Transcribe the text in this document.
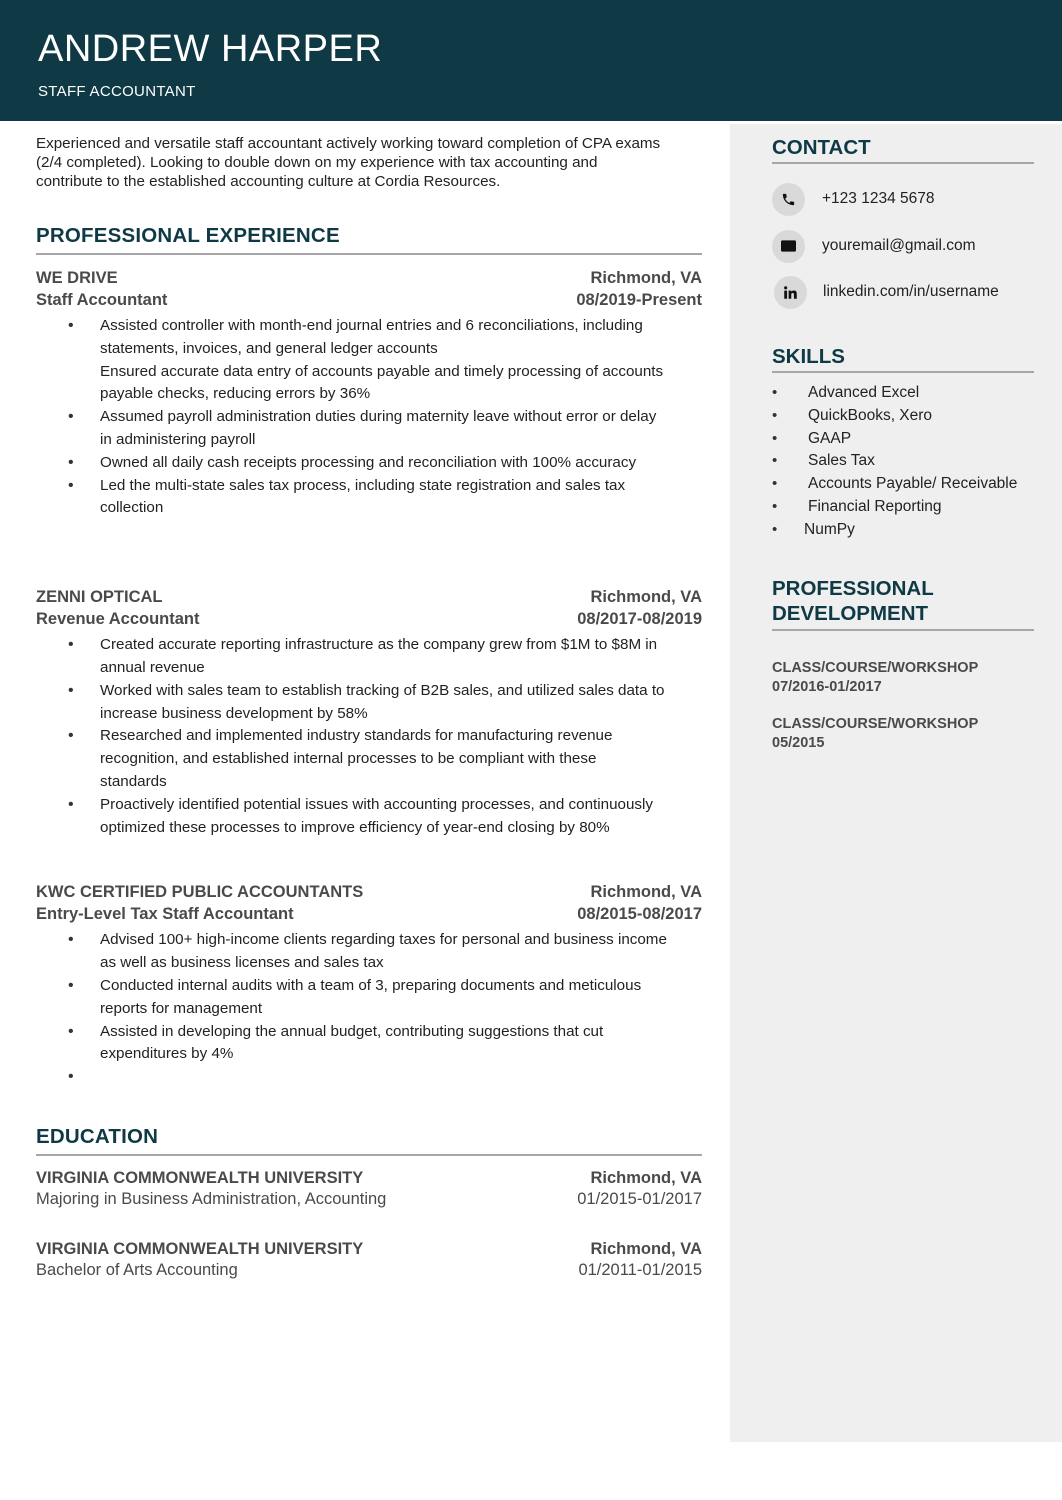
ANDREW HARPER
STAFF ACCOUNTANT
Experienced and versatile staff accountant actively working toward completion of CPA exams
(2/4 completed). Looking to double down on my experience with tax accounting and
contribute to the established accounting culture at Cordia Resources.
PROFESSIONAL EXPERIENCE
WE DRIVE	Richmond, VA
Staff Accountant	08/2019-Present
• Assisted controller with month-end journal entries and 6 reconciliations, including
statements, invoices, and general ledger accounts
Ensured accurate data entry of accounts payable and timely processing of accounts
payable checks, reducing errors by 36%
• Assumed payroll administration duties during maternity leave without error or delay
in administering payroll
• Owned all daily cash receipts processing and reconciliation with 100% accuracy
• Led the multi-state sales tax process, including state registration and sales tax
collection
ZENNI OPTICAL	Richmond, VA
Revenue Accountant	08/2017-08/2019
• Created accurate reporting infrastructure as the company grew from $1M to $8M in
annual revenue
• Worked with sales team to establish tracking of B2B sales, and utilized sales data to
increase business development by 58%
• Researched and implemented industry standards for manufacturing revenue
recognition, and established internal processes to be compliant with these
standards
• Proactively identified potential issues with accounting processes, and continuously
optimized these processes to improve efficiency of year-end closing by 80%
KWC CERTIFIED PUBLIC ACCOUNTANTS	Richmond, VA
Entry-Level Tax Staff Accountant	08/2015-08/2017
• Advised 100+ high-income clients regarding taxes for personal and business income
as well as business licenses and sales tax
• Conducted internal audits with a team of 3, preparing documents and meticulous
reports for management
• Assisted in developing the annual budget, contributing suggestions that cut
expenditures by 4%
•
EDUCATION
VIRGINIA COMMONWEALTH UNIVERSITY	Richmond, VA
Majoring in Business Administration, Accounting	01/2015-01/2017
VIRGINIA COMMONWEALTH UNIVERSITY	Richmond, VA
Bachelor of Arts Accounting	01/2011-01/2015
CONTACT
+123 1234 5678
youremail@gmail.com
linkedin.com/in/username
SKILLS
• Advanced Excel
• QuickBooks, Xero
• GAAP
• Sales Tax
• Accounts Payable/ Receivable
• Financial Reporting
• NumPy
PROFESSIONAL
DEVELOPMENT
CLASS/COURSE/WORKSHOP
07/2016-01/2017
CLASS/COURSE/WORKSHOP
05/2015
